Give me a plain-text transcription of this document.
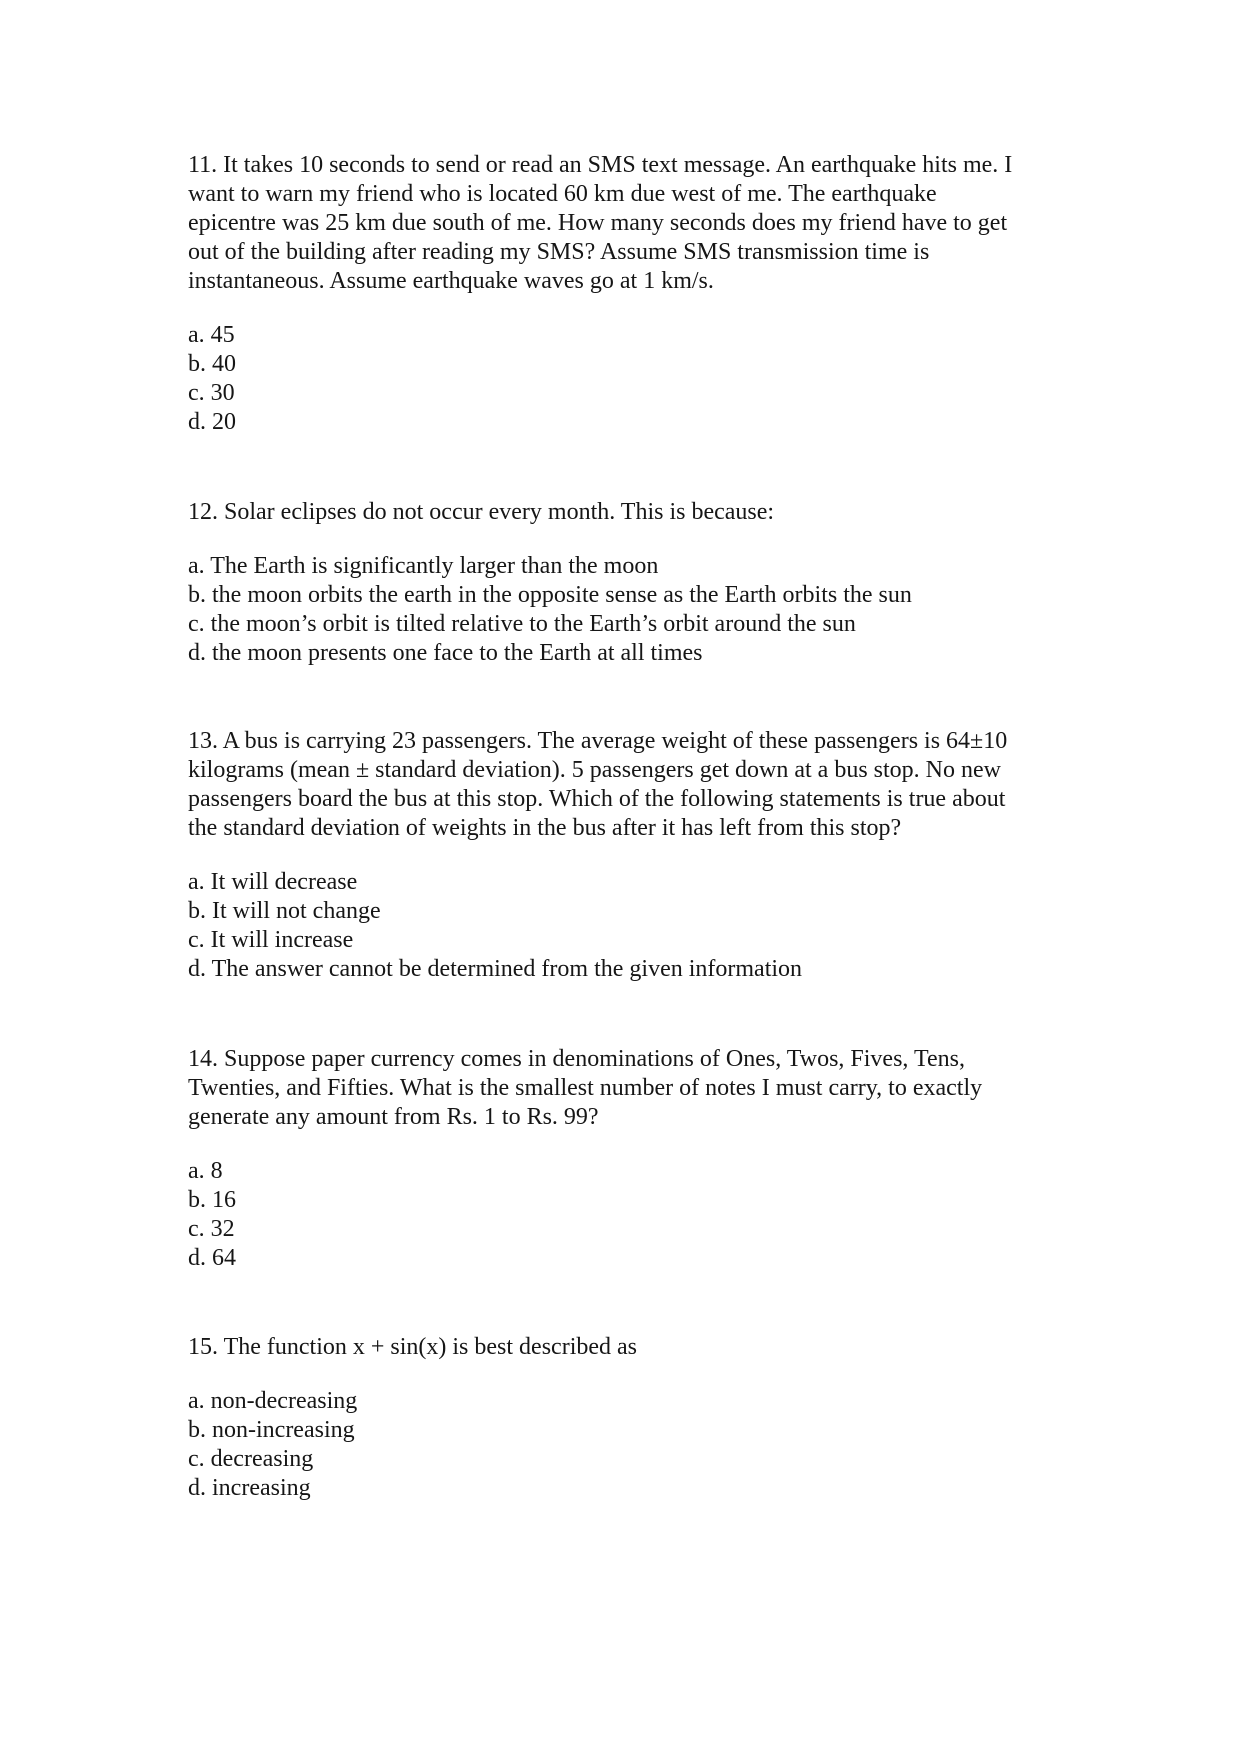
11. It takes 10 seconds to send or read an SMS text message. An earthquake hits me. I
want to warn my friend who is located 60 km due west of me. The earthquake
epicentre was 25 km due south of me. How many seconds does my friend have to get
out of the building after reading my SMS? Assume SMS transmission time is
instantaneous. Assume earthquake waves go at 1 km/s.

a. 45
b. 40
c. 30
d. 20

12. Solar eclipses do not occur every month. This is because:

a. The Earth is significantly larger than the moon
b. the moon orbits the earth in the opposite sense as the Earth orbits the sun
c. the moon’s orbit is tilted relative to the Earth’s orbit around the sun
d. the moon presents one face to the Earth at all times

13. A bus is carrying 23 passengers. The average weight of these passengers is 64±10
kilograms (mean ± standard deviation). 5 passengers get down at a bus stop. No new
passengers board the bus at this stop. Which of the following statements is true about
the standard deviation of weights in the bus after it has left from this stop?

a. It will decrease
b. It will not change
c. It will increase
d. The answer cannot be determined from the given information

14. Suppose paper currency comes in denominations of Ones, Twos, Fives, Tens,
Twenties, and Fifties. What is the smallest number of notes I must carry, to exactly
generate any amount from Rs. 1 to Rs. 99?

a. 8
b. 16
c. 32
d. 64

15. The function x + sin(x) is best described as

a. non-decreasing
b. non-increasing
c. decreasing
d. increasing
